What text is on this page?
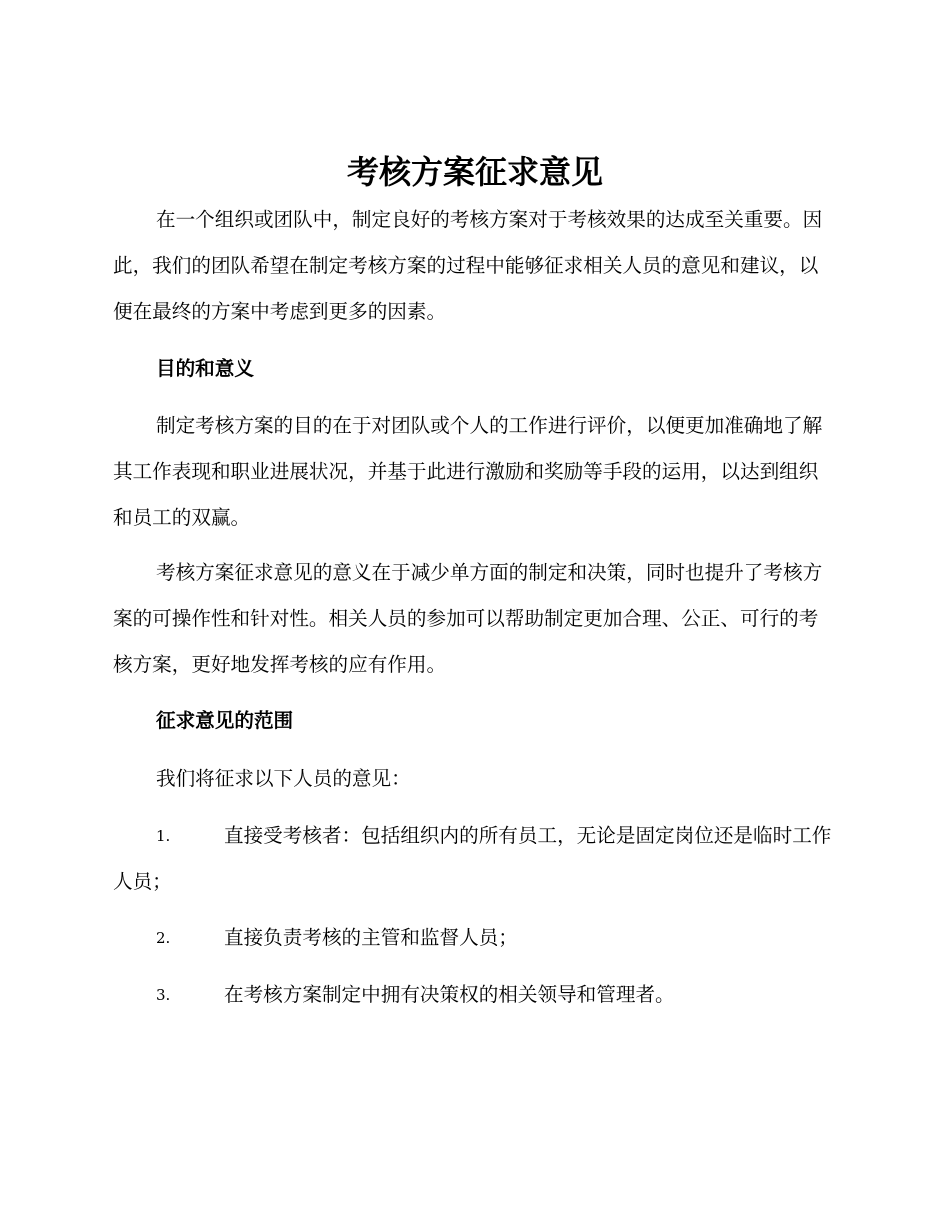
考核方案征求意见

在一个组织或团队中，制定良好的考核方案对于考核效果的达成至关重要。因此，我们的团队希望在制定考核方案的过程中能够征求相关人员的意见和建议，以便在最终的方案中考虑到更多的因素。

目的和意义

制定考核方案的目的在于对团队或个人的工作进行评价，以便更加准确地了解其工作表现和职业进展状况，并基于此进行激励和奖励等手段的运用，以达到组织和员工的双赢。

考核方案征求意见的意义在于减少单方面的制定和决策，同时也提升了考核方案的可操作性和针对性。相关人员的参加可以帮助制定更加合理、公正、可行的考核方案，更好地发挥考核的应有作用。

征求意见的范围

我们将征求以下人员的意见：

1.	直接受考核者：包括组织内的所有员工，无论是固定岗位还是临时工作人员；

2.	直接负责考核的主管和监督人员；

3.	在考核方案制定中拥有决策权的相关领导和管理者。
